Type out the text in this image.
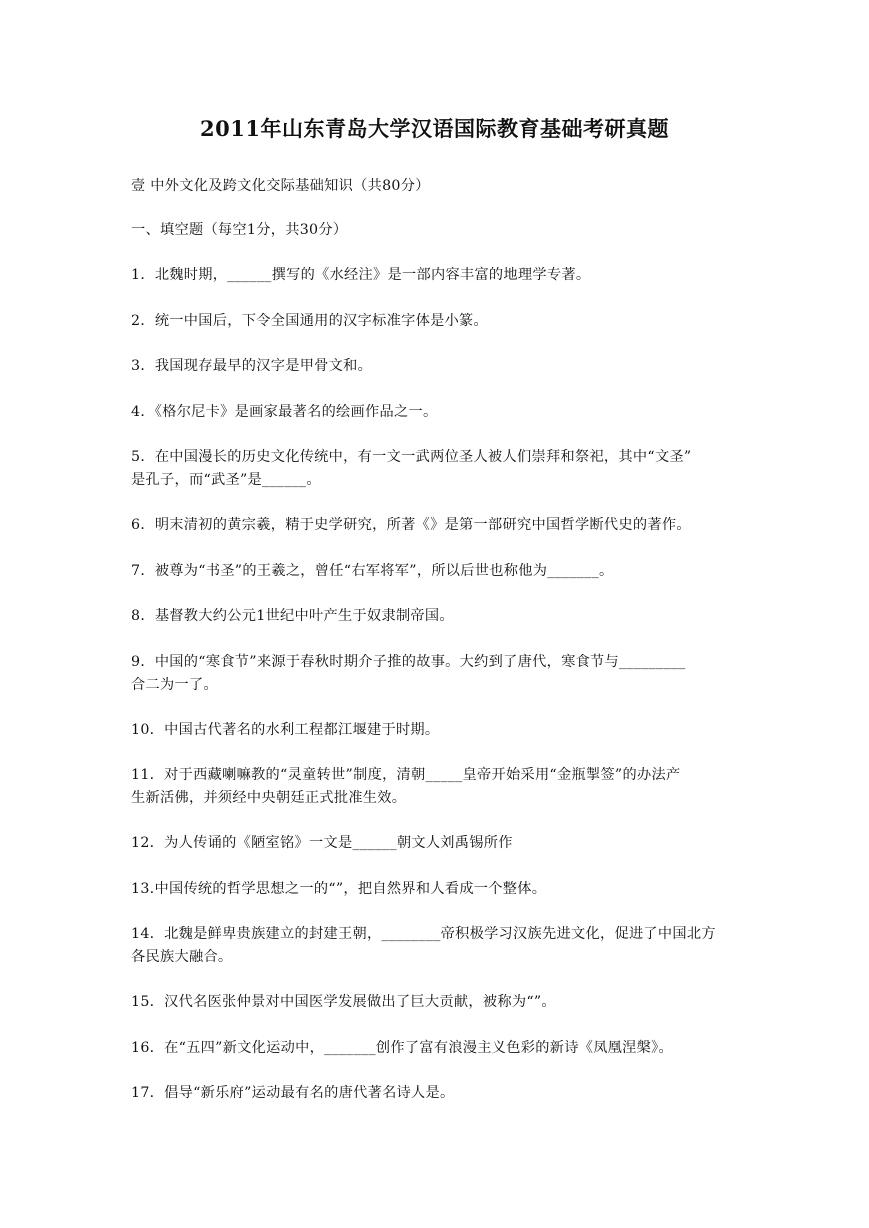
2011年山东青岛大学汉语国际教育基础考研真题
壹 中外文化及跨文化交际基础知识（共80分）
一、填空题（每空1分，共30分）
1．北魏时期，______撰写的《水经注》是一部内容丰富的地理学专著。
2．统一中国后，下令全国通用的汉字标准字体是小篆。
3．我国现存最早的汉字是甲骨文和。
4．《格尔尼卡》是画家最著名的绘画作品之一。
5．在中国漫长的历史文化传统中，有一文一武两位圣人被人们崇拜和祭祀，其中“文圣”
是孔子，而“武圣”是______。
6．明末清初的黄宗羲，精于史学研究，所著《》是第一部研究中国哲学断代史的著作。
7．被尊为“书圣”的王羲之，曾任“右军将军”，所以后世也称他为_______。
8．基督教大约公元1世纪中叶产生于奴隶制帝国。
9．中国的“寒食节”来源于春秋时期介子推的故事。大约到了唐代，寒食节与_________
合二为一了。
10．中国古代著名的水利工程都江堰建于时期。
11．对于西藏喇嘛教的“灵童转世”制度，清朝_____皇帝开始采用“金瓶掣签”的办法产
生新活佛，并须经中央朝廷正式批准生效。
12．为人传诵的《陋室铭》一文是______朝文人刘禹锡所作
13.中国传统的哲学思想之一的“”，把自然界和人看成一个整体。
14．北魏是鲜卑贵族建立的封建王朝，________帝积极学习汉族先进文化，促进了中国北方
各民族大融合。
15．汉代名医张仲景对中国医学发展做出了巨大贡献，被称为“”。
16．在“五四”新文化运动中，_______创作了富有浪漫主义色彩的新诗《凤凰涅槃》。
17．倡导“新乐府”运动最有名的唐代著名诗人是。
